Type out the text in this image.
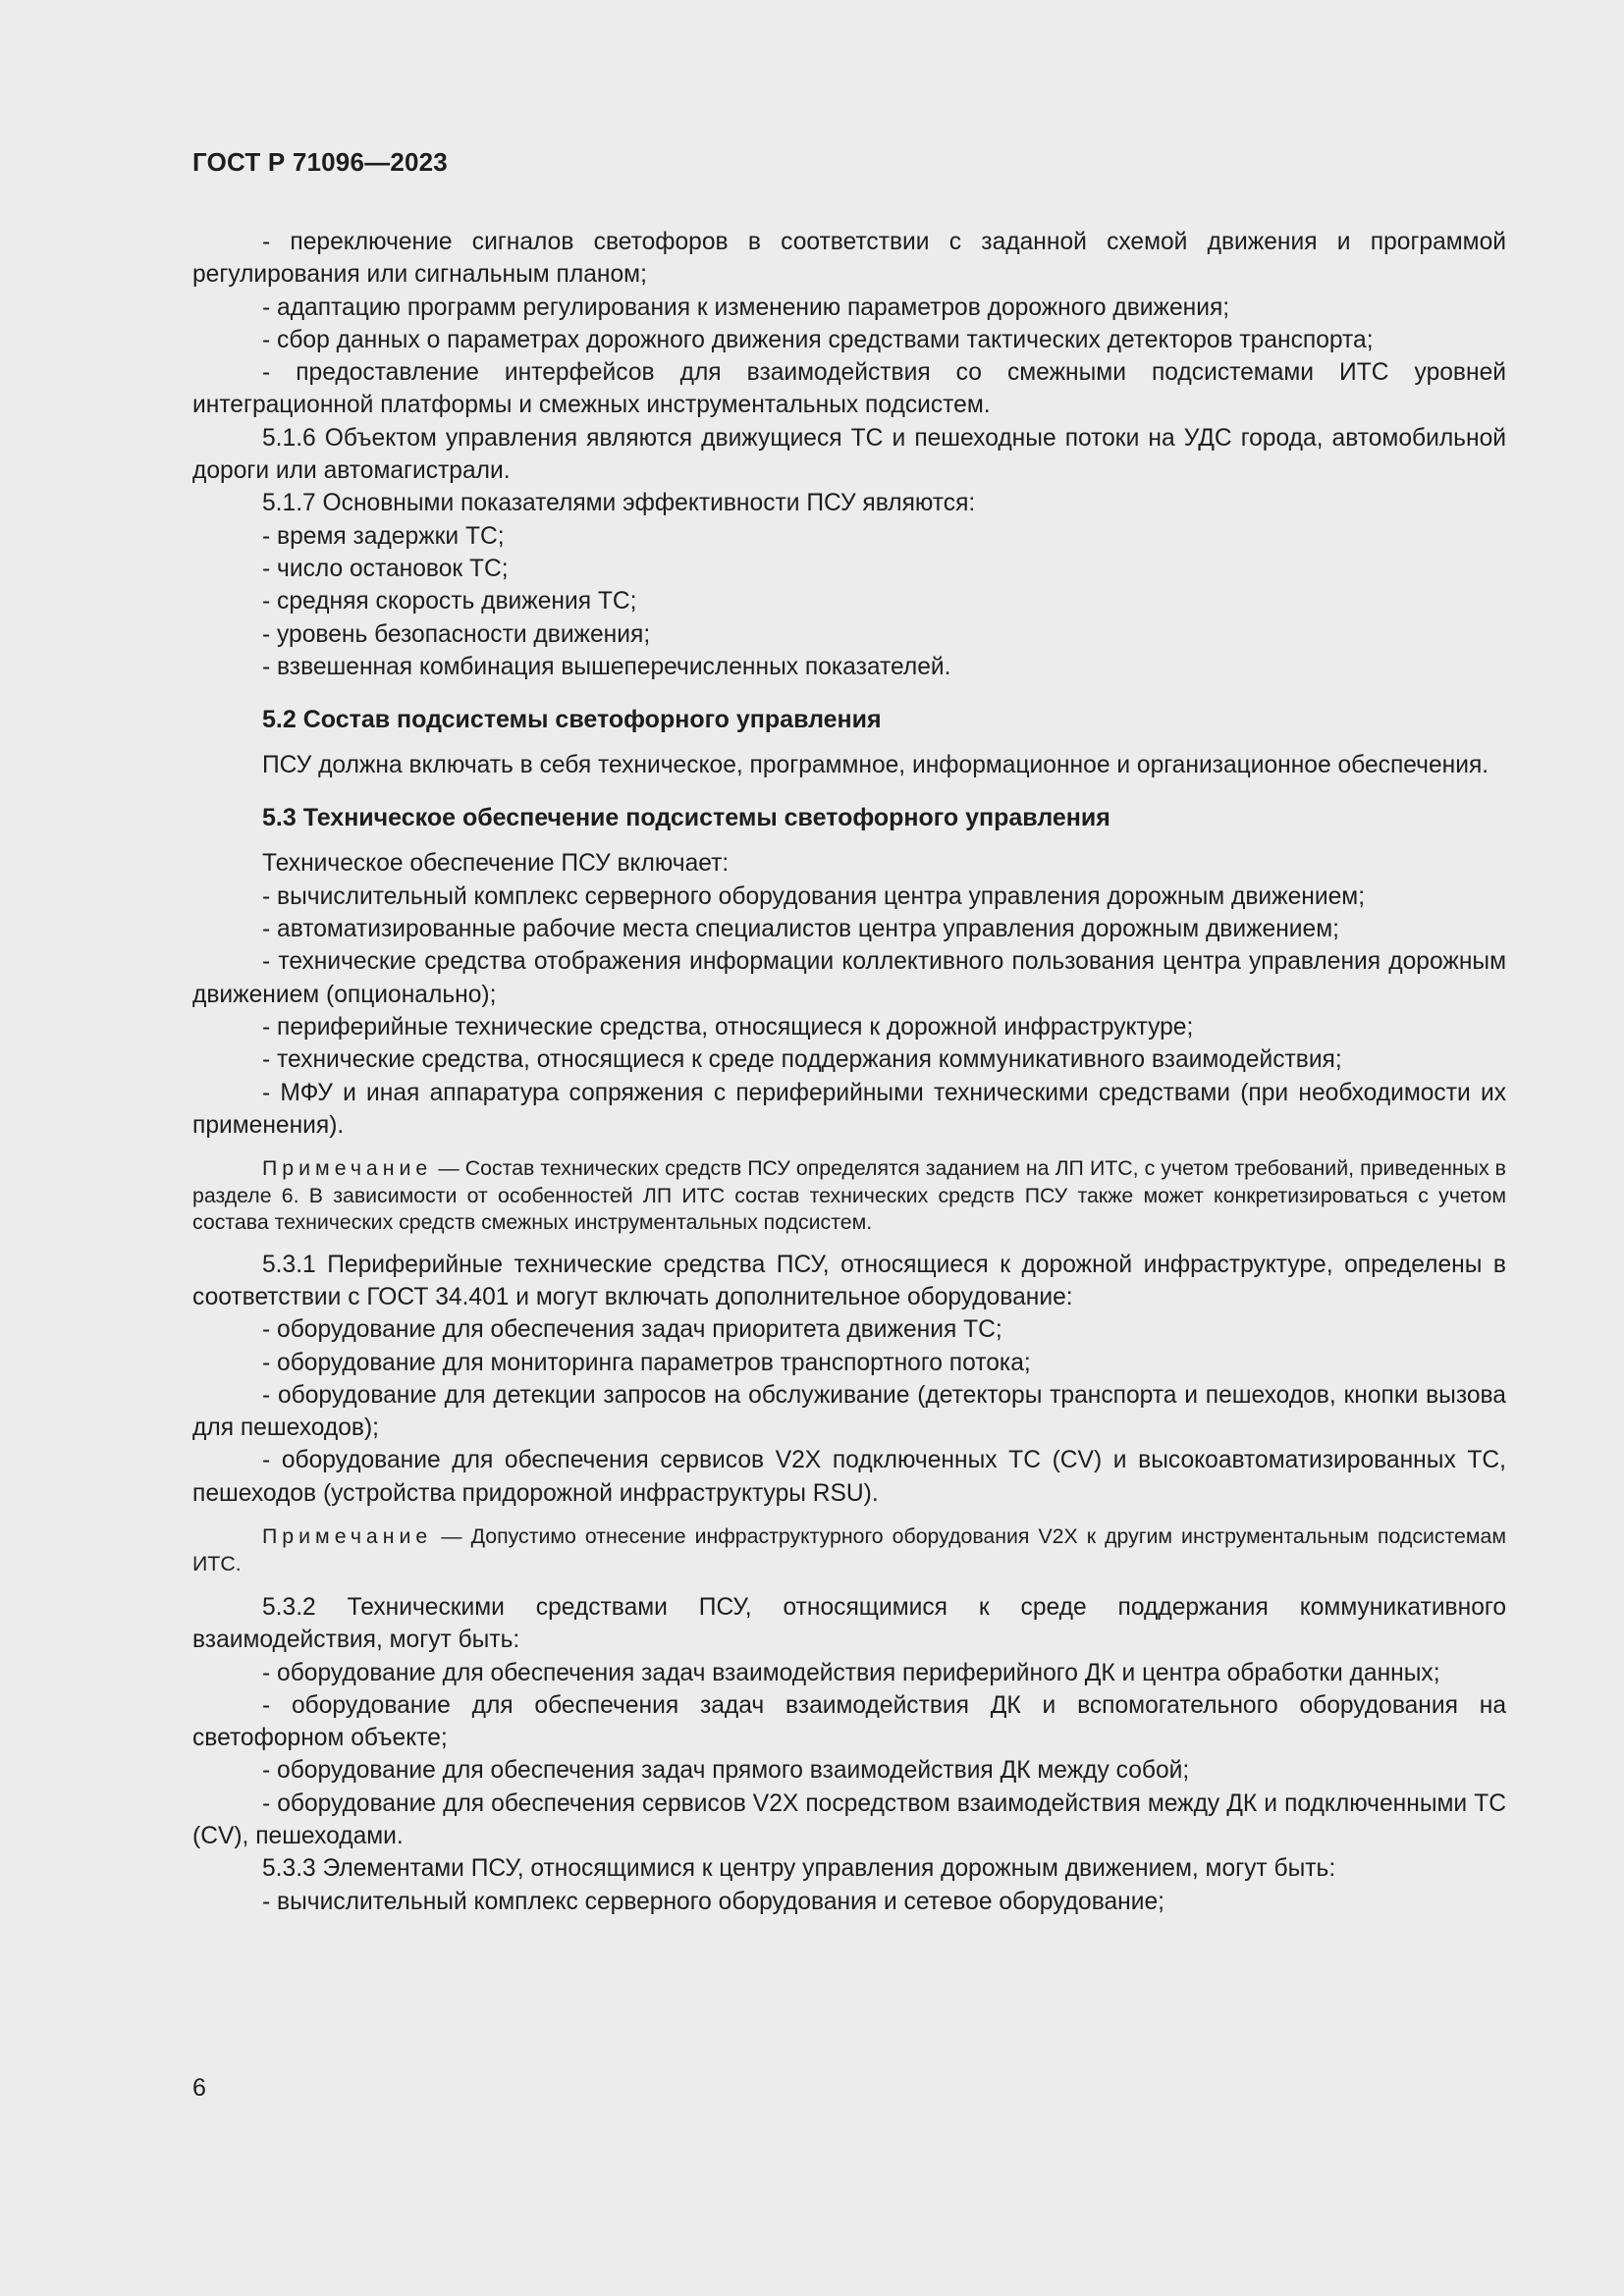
ГОСТ Р 71096—2023

- переключение сигналов светофоров в соответствии с заданной схемой движения и программой регулирования или сигнальным планом;

- адаптацию программ регулирования к изменению параметров дорожного движения;

- сбор данных о параметрах дорожного движения средствами тактических детекторов транспорта;

- предоставление интерфейсов для взаимодействия со смежными подсистемами ИТС уровней интеграционной платформы и смежных инструментальных подсистем.

5.1.6 Объектом управления являются движущиеся ТС и пешеходные потоки на УДС города, автомобильной дороги или автомагистрали.

5.1.7 Основными показателями эффективности ПСУ являются:

- время задержки ТС;

- число остановок ТС;

- средняя скорость движения ТС;

- уровень безопасности движения;

- взвешенная комбинация вышеперечисленных показателей.

5.2 Состав подсистемы светофорного управления

ПСУ должна включать в себя техническое, программное, информационное и организационное обеспечения.

5.3 Техническое обеспечение подсистемы светофорного управления

Техническое обеспечение ПСУ включает:

- вычислительный комплекс серверного оборудования центра управления дорожным движением;

- автоматизированные рабочие места специалистов центра управления дорожным движением;

- технические средства отображения информации коллективного пользования центра управления дорожным движением (опционально);

- периферийные технические средства, относящиеся к дорожной инфраструктуре;

- технические средства, относящиеся к среде поддержания коммуникативного взаимодействия;

- МФУ и иная аппаратура сопряжения с периферийными техническими средствами (при необходимости их применения).

Примечание — Состав технических средств ПСУ определятся заданием на ЛП ИТС, с учетом требований, приведенных в разделе 6. В зависимости от особенностей ЛП ИТС состав технических средств ПСУ также может конкретизироваться с учетом состава технических средств смежных инструментальных подсистем.

5.3.1 Периферийные технические средства ПСУ, относящиеся к дорожной инфраструктуре, определены в соответствии с ГОСТ 34.401 и могут включать дополнительное оборудование:

- оборудование для обеспечения задач приоритета движения ТС;

- оборудование для мониторинга параметров транспортного потока;

- оборудование для детекции запросов на обслуживание (детекторы транспорта и пешеходов, кнопки вызова для пешеходов);

- оборудование для обеспечения сервисов V2X подключенных ТС (CV) и высокоавтоматизированных ТС, пешеходов (устройства придорожной инфраструктуры RSU).

Примечание — Допустимо отнесение инфраструктурного оборудования V2X к другим инструментальным подсистемам ИТС.

5.3.2 Техническими средствами ПСУ, относящимися к среде поддержания коммуникативного взаимодействия, могут быть:

- оборудование для обеспечения задач взаимодействия периферийного ДК и центра обработки данных;

- оборудование для обеспечения задач взаимодействия ДК и вспомогательного оборудования на светофорном объекте;

- оборудование для обеспечения задач прямого взаимодействия ДК между собой;

- оборудование для обеспечения сервисов V2X посредством взаимодействия между ДК и подключенными ТС (CV), пешеходами.

5.3.3 Элементами ПСУ, относящимися к центру управления дорожным движением, могут быть:

- вычислительный комплекс серверного оборудования и сетевое оборудование;

6
